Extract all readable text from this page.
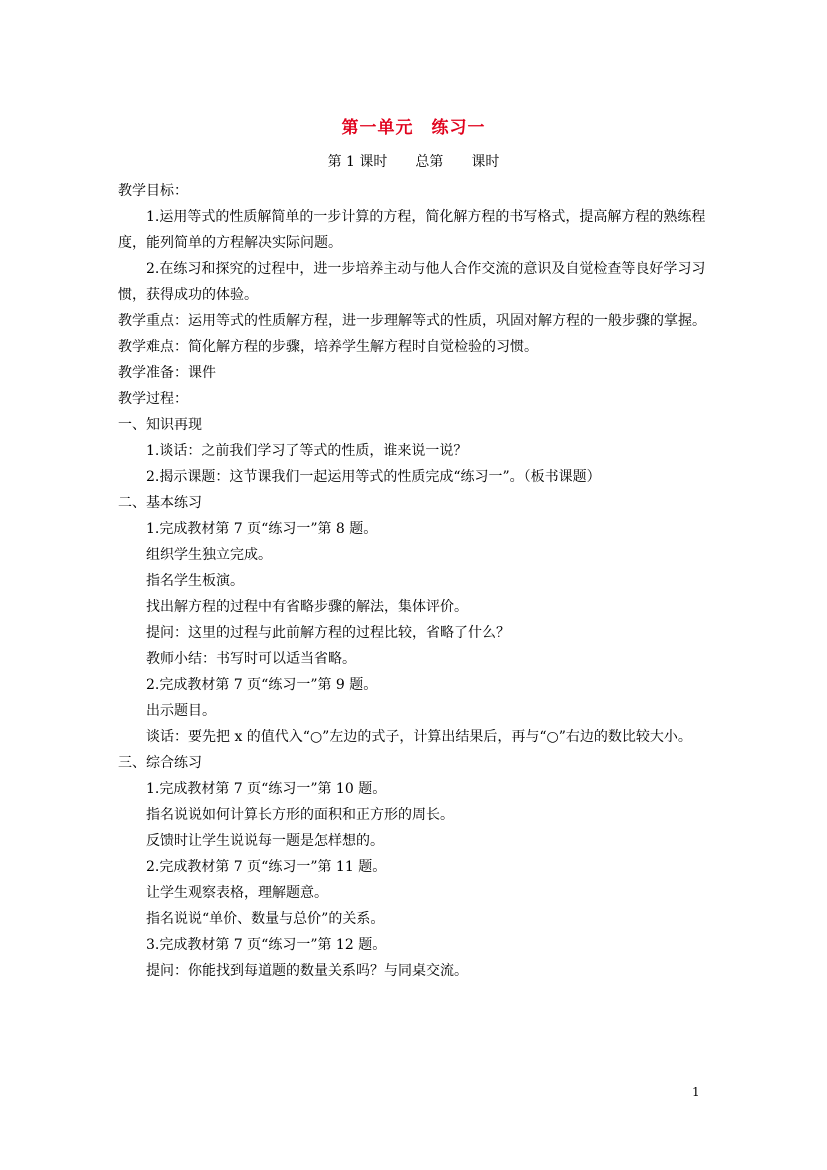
第一单元　练习一
第 1 课时　　总第　　课时

教学目标：

1.运用等式的性质解简单的一步计算的方程，简化解方程的书写格式，提高解方程的熟练程度，能列简单的方程解决实际问题。

2.在练习和探究的过程中，进一步培养主动与他人合作交流的意识及自觉检查等良好学习习惯，获得成功的体验。

教学重点：运用等式的性质解方程，进一步理解等式的性质，巩固对解方程的一般步骤的掌握。

教学难点：简化解方程的步骤，培养学生解方程时自觉检验的习惯。

教学准备：课件

教学过程：

一、知识再现

1.谈话：之前我们学习了等式的性质，谁来说一说？

2.揭示课题：这节课我们一起运用等式的性质完成“练习一”。（板书课题）

二、基本练习

1.完成教材第 7 页“练习一”第 8 题。

组织学生独立完成。

指名学生板演。

找出解方程的过程中有省略步骤的解法，集体评价。

提问：这里的过程与此前解方程的过程比较，省略了什么？

教师小结：书写时可以适当省略。

2.完成教材第 7 页“练习一”第 9 题。

出示题目。

谈话：要先把 x 的值代入“○”左边的式子，计算出结果后，再与“○”右边的数比较大小。

三、综合练习

1.完成教材第 7 页“练习一”第 10 题。

指名说说如何计算长方形的面积和正方形的周长。

反馈时让学生说说每一题是怎样想的。

2.完成教材第 7 页“练习一”第 11 题。

让学生观察表格，理解题意。

指名说说“单价、数量与总价”的关系。

3.完成教材第 7 页“练习一”第 12 题。

提问：你能找到每道题的数量关系吗？与同桌交流。

1
